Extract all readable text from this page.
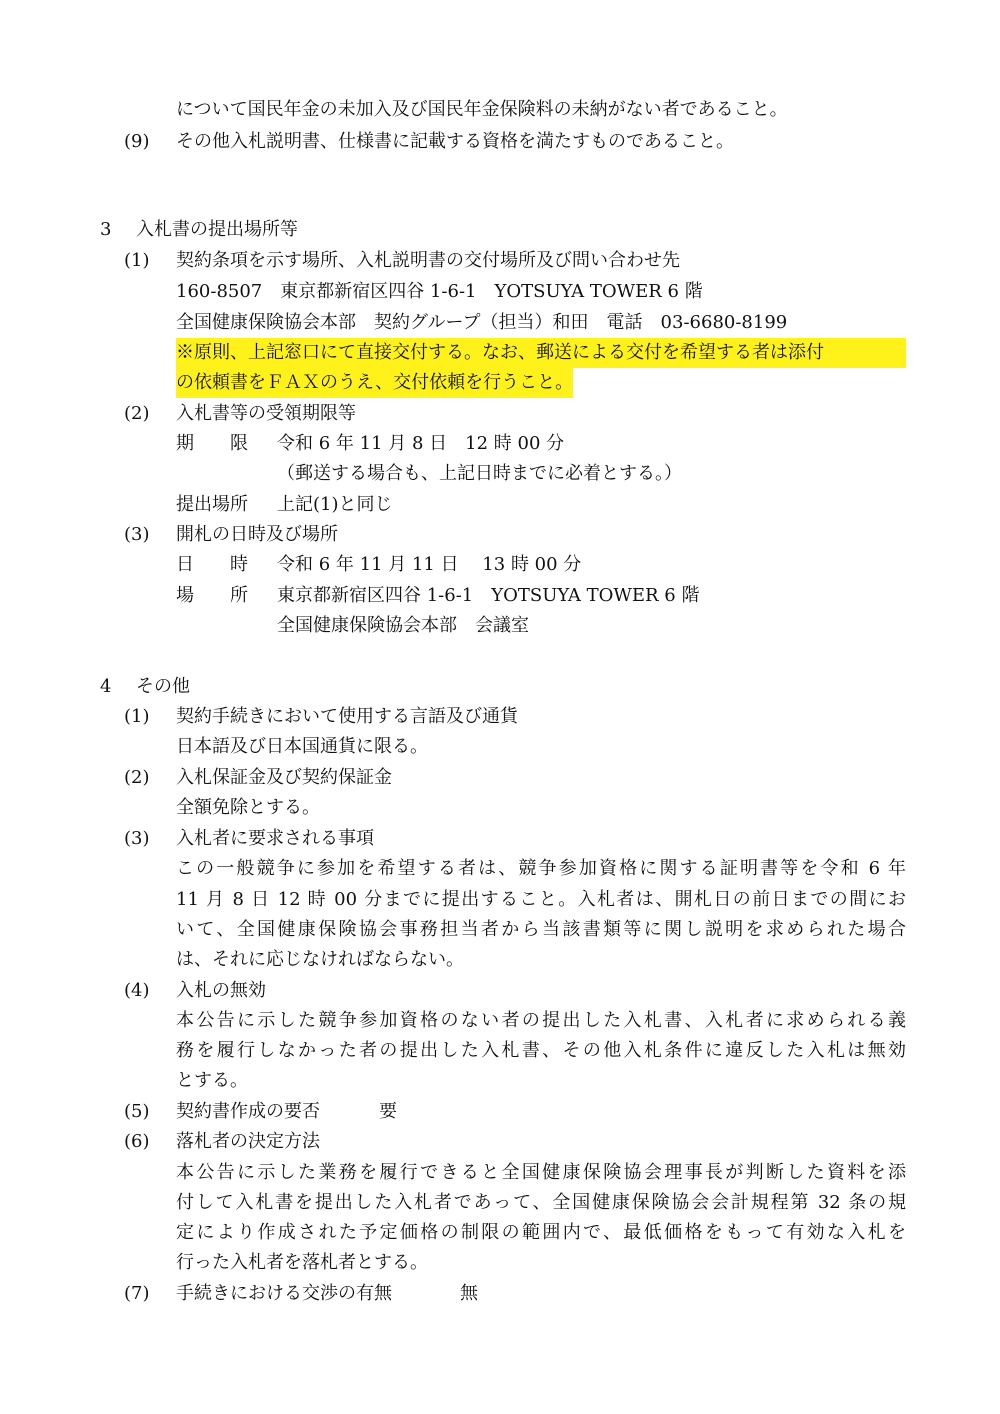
について国民年金の未加入及び国民年金保険料の未納がない者であること。
(9) その他入札説明書、仕様書に記載する資格を満たすものであること。
3 入札書の提出場所等
(1) 契約条項を示す場所、入札説明書の交付場所及び問い合わせ先
160-8507　東京都新宿区四谷 1-6-1　YOTSUYA TOWER 6 階
全国健康保険協会本部　契約グループ（担当）和田　電話　03-6680-8199
※原則、上記窓口にて直接交付する。なお、郵送による交付を希望する者は添付
の依頼書をＦＡＸのうえ、交付依頼を行うこと。
(2) 入札書等の受領期限等
期　　限 令和 6 年 11 月 8 日　12 時 00 分
（郵送する場合も、上記日時までに必着とする。）
提出場所 上記(1)と同じ
(3) 開札の日時及び場所
日　　時 令和 6 年 11 月 11 日　 13 時 00 分
場　　所 東京都新宿区四谷 1-6-1　YOTSUYA TOWER 6 階
全国健康保険協会本部　会議室
4 その他
(1) 契約手続きにおいて使用する言語及び通貨
日本語及び日本国通貨に限る。
(2) 入札保証金及び契約保証金
全額免除とする。
(3) 入札者に要求される事項
この一般競争に参加を希望する者は、競争参加資格に関する証明書等を令和 6 年
11 月 8 日 12 時 00 分までに提出すること。入札者は、開札日の前日までの間にお
いて、全国健康保険協会事務担当者から当該書類等に関し説明を求められた場合
は、それに応じなければならない。
(4) 入札の無効
本公告に示した競争参加資格のない者の提出した入札書、入札者に求められる義
務を履行しなかった者の提出した入札書、その他入札条件に違反した入札は無効
とする。
(5) 契約書作成の要否	要
(6) 落札者の決定方法
本公告に示した業務を履行できると全国健康保険協会理事長が判断した資料を添
付して入札書を提出した入札者であって、全国健康保険協会会計規程第 32 条の規
定により作成された予定価格の制限の範囲内で、最低価格をもって有効な入札を
行った入札者を落札者とする。
(7) 手続きにおける交渉の有無	無
